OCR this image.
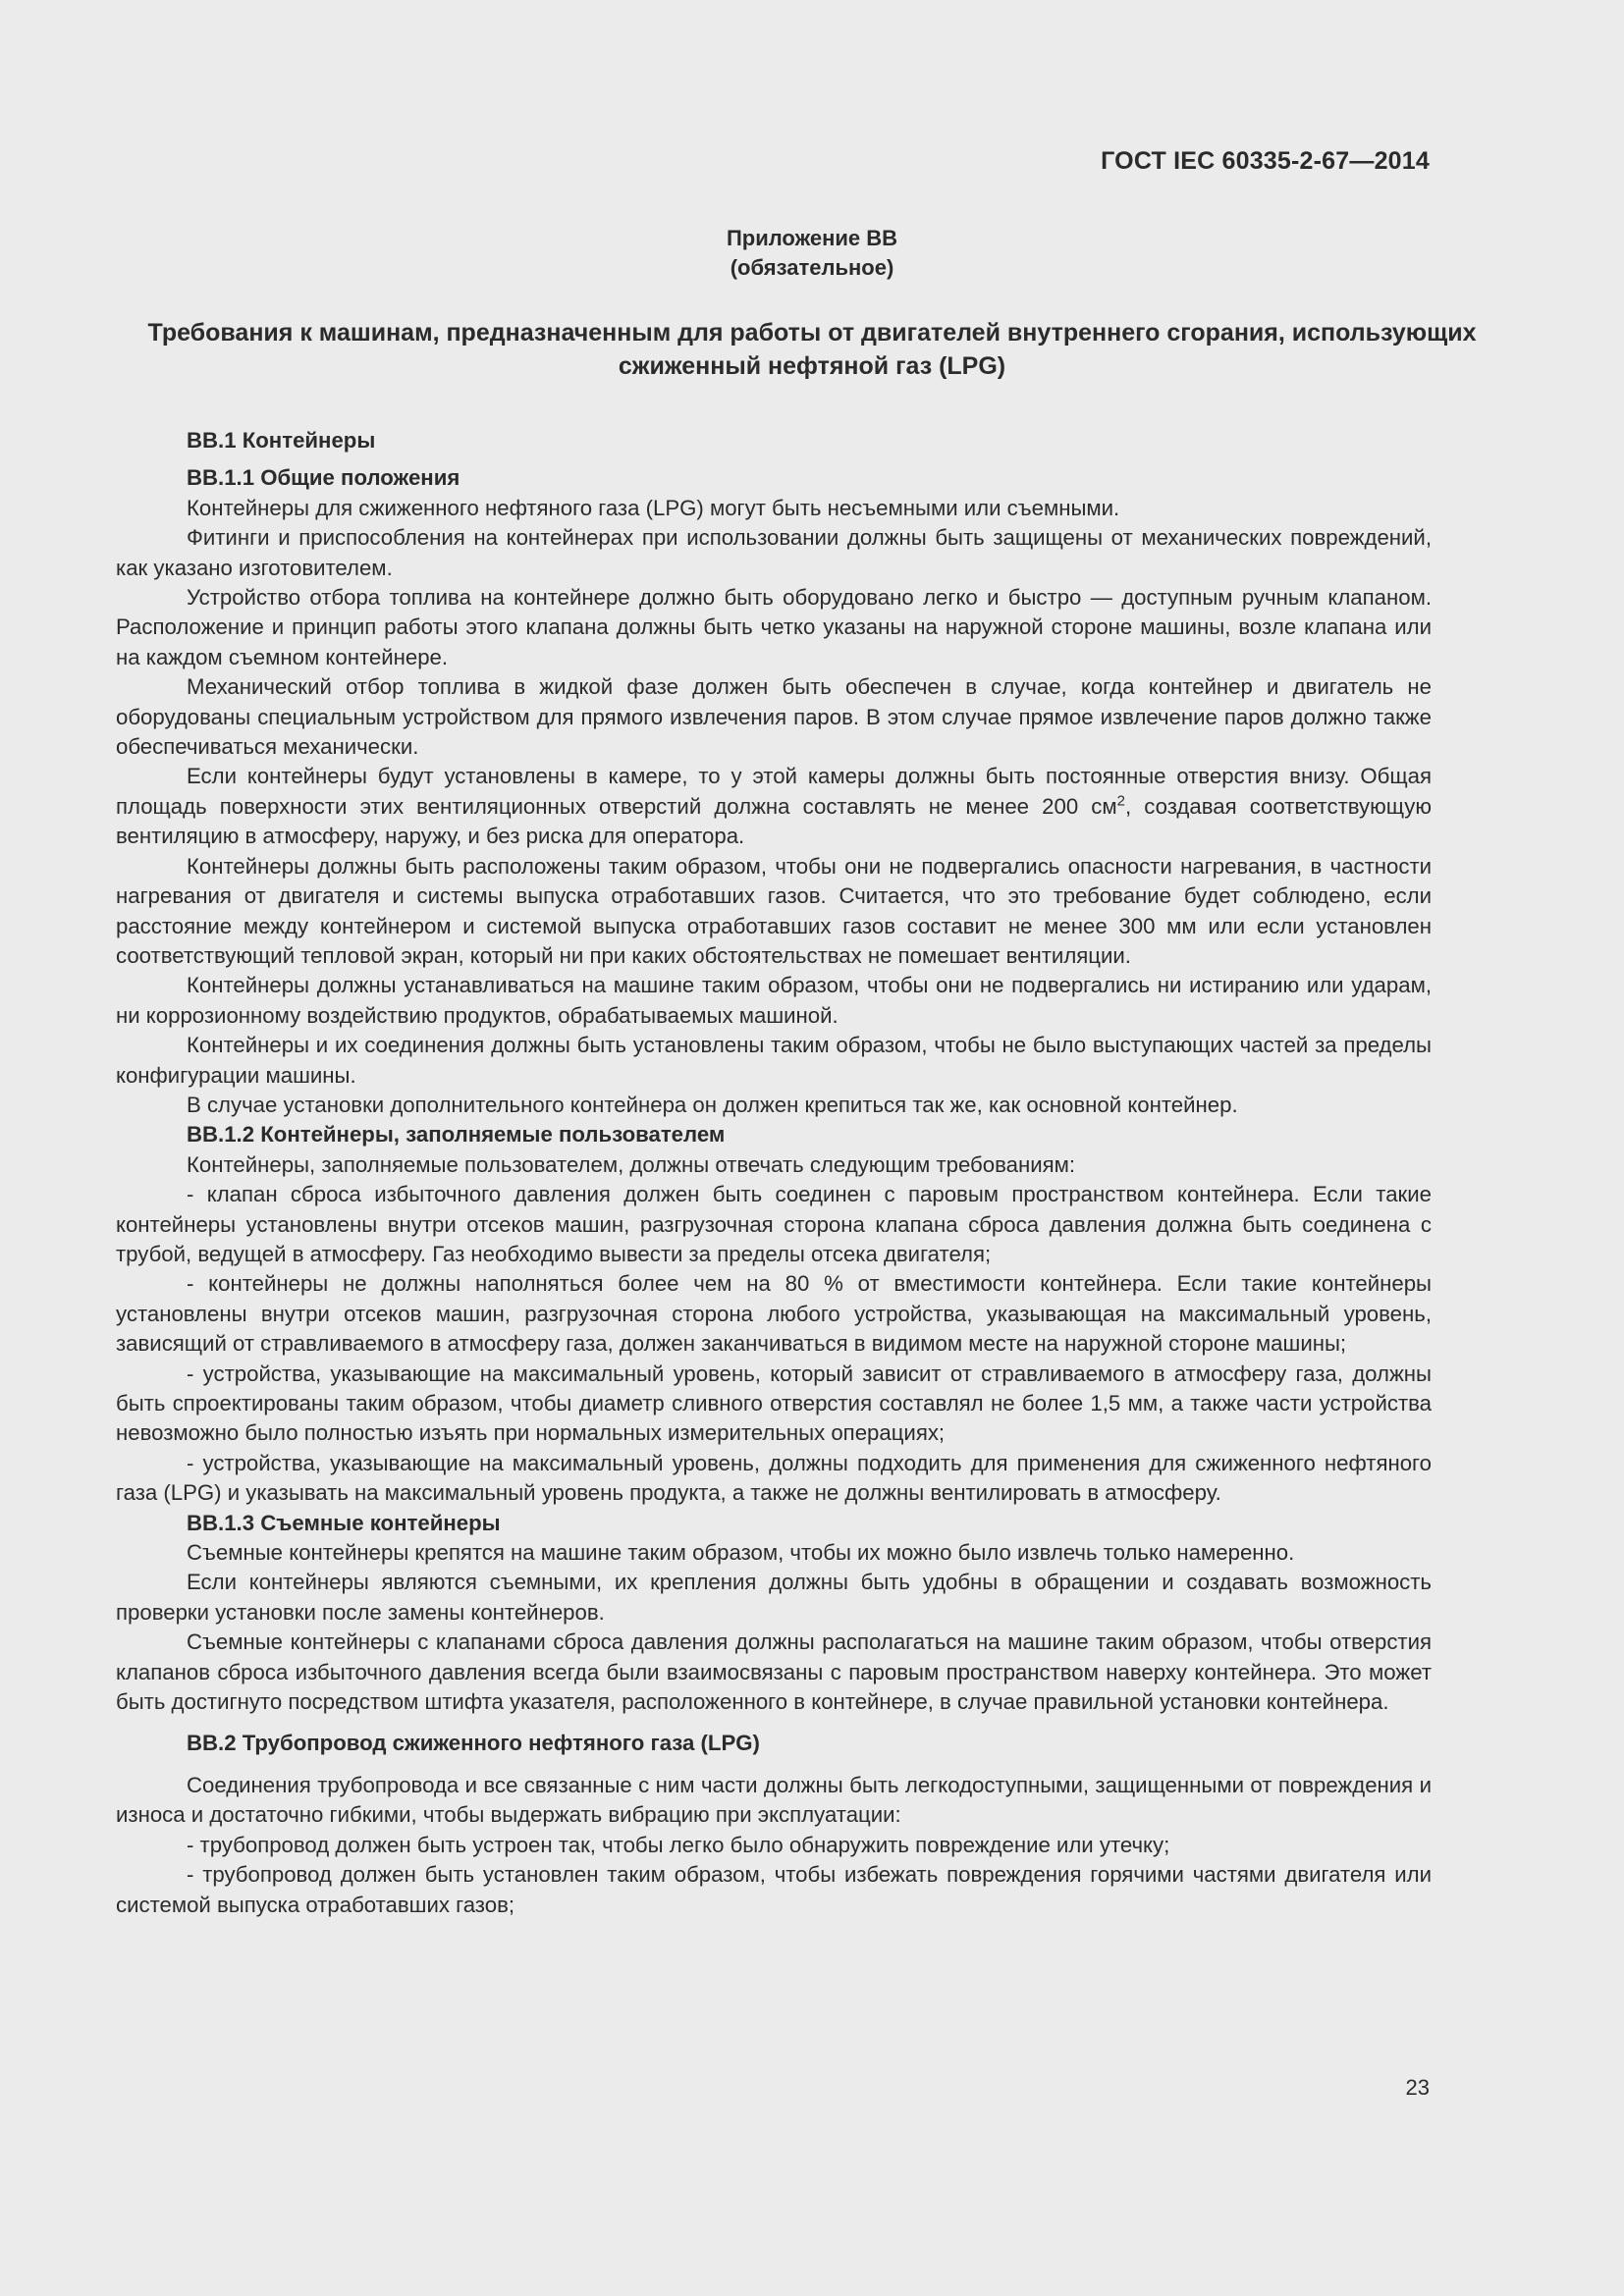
ГОСТ IEC 60335-2-67—2014

Приложение ВВ
(обязательное)

Требования к машинам, предназначенным для работы от двигателей внутреннего сгорания, использующих сжиженный нефтяной газ (LPG)

ВВ.1 Контейнеры
ВВ.1.1 Общие положения

Контейнеры для сжиженного нефтяного газа (LPG) могут быть несъемными или съемными.

Фитинги и приспособления на контейнерах при использовании должны быть защищены от механических повреждений, как указано изготовителем.

Устройство отбора топлива на контейнере должно быть оборудовано легко и быстро — доступным ручным клапаном. Расположение и принцип работы этого клапана должны быть четко указаны на наружной стороне машины, возле клапана или на каждом съемном контейнере.

Механический отбор топлива в жидкой фазе должен быть обеспечен в случае, когда контейнер и двигатель не оборудованы специальным устройством для прямого извлечения паров. В этом случае прямое извлечение паров должно также обеспечиваться механически.

Если контейнеры будут установлены в камере, то у этой камеры должны быть постоянные отверстия внизу. Общая площадь поверхности этих вентиляционных отверстий должна составлять не менее 200 $см^2$, создавая соответствующую вентиляцию в атмосферу, наружу, и без риска для оператора.

Контейнеры должны быть расположены таким образом, чтобы они не подвергались опасности нагревания, в частности нагревания от двигателя и системы выпуска отработавших газов. Считается, что это требование будет соблюдено, если расстояние между контейнером и системой выпуска отработавших газов составит не менее 300 мм или если установлен соответствующий тепловой экран, который ни при каких обстоятельствах не помешает вентиляции.

Контейнеры должны устанавливаться на машине таким образом, чтобы они не подвергались ни истиранию или ударам, ни коррозионному воздействию продуктов, обрабатываемых машиной.

Контейнеры и их соединения должны быть установлены таким образом, чтобы не было выступающих частей за пределы конфигурации машины.

В случае установки дополнительного контейнера он должен крепиться так же, как основной контейнер.

ВВ.1.2 Контейнеры, заполняемые пользователем

Контейнеры, заполняемые пользователем, должны отвечать следующим требованиям:

- клапан сброса избыточного давления должен быть соединен с паровым пространством контейнера. Если такие контейнеры установлены внутри отсеков машин, разгрузочная сторона клапана сброса давления должна быть соединена с трубой, ведущей в атмосферу. Газ необходимо вывести за пределы отсека двигателя;

- контейнеры не должны наполняться более чем на 80 % от вместимости контейнера. Если такие контейнеры установлены внутри отсеков машин, разгрузочная сторона любого устройства, указывающая на максимальный уровень, зависящий от стравливаемого в атмосферу газа, должен заканчиваться в видимом месте на наружной стороне машины;

- устройства, указывающие на максимальный уровень, который зависит от стравливаемого в атмосферу газа, должны быть спроектированы таким образом, чтобы диаметр сливного отверстия составлял не более 1,5 мм, а также части устройства невозможно было полностью изъять при нормальных измерительных операциях;

- устройства, указывающие на максимальный уровень, должны подходить для применения для сжиженного нефтяного газа (LPG) и указывать на максимальный уровень продукта, а также не должны вентилировать в атмосферу.

ВВ.1.3 Съемные контейнеры

Съемные контейнеры крепятся на машине таким образом, чтобы их можно было извлечь только намеренно.

Если контейнеры являются съемными, их крепления должны быть удобны в обращении и создавать возможность проверки установки после замены контейнеров.

Съемные контейнеры с клапанами сброса давления должны располагаться на машине таким образом, чтобы отверстия клапанов сброса избыточного давления всегда были взаимосвязаны с паровым пространством наверху контейнера. Это может быть достигнуто посредством штифта указателя, расположенного в контейнере, в случае правильной установки контейнера.

ВВ.2 Трубопровод сжиженного нефтяного газа (LPG)

Соединения трубопровода и все связанные с ним части должны быть легкодоступными, защищенными от повреждения и износа и достаточно гибкими, чтобы выдержать вибрацию при эксплуатации:

- трубопровод должен быть устроен так, чтобы легко было обнаружить повреждение или утечку;

- трубопровод должен быть установлен таким образом, чтобы избежать повреждения горячими частями двигателя или системой выпуска отработавших газов;

23
